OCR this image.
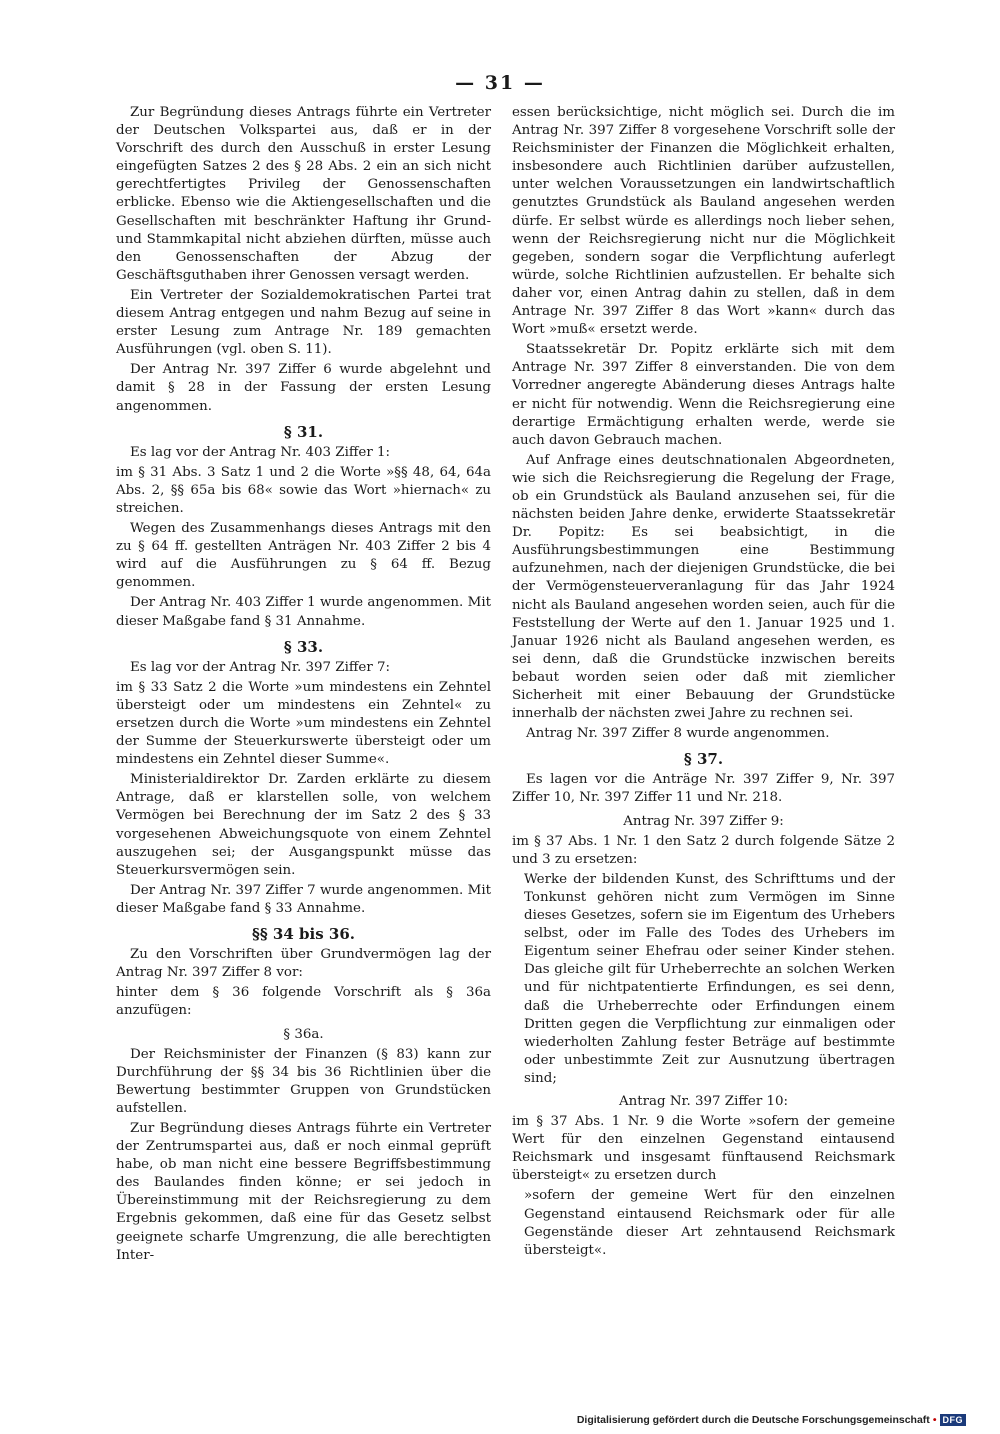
— 31 —

Zur Begründung dieses Antrags führte ein Vertreter der Deutschen Volkspartei aus, daß er in der Vorschrift des durch den Ausschuß in erster Lesung eingefügten Satzes 2 des § 28 Abs. 2 ein an sich nicht gerechtfertigtes Privileg der Genossenschaften erblicke. Ebenso wie die Aktiengesellschaften und die Gesellschaften mit beschränkter Haftung ihr Grund- und Stammkapital nicht abziehen dürften, müsse auch den Genossenschaften der Abzug der Geschäftsguthaben ihrer Genossen versagt werden.

Ein Vertreter der Sozialdemokratischen Partei trat diesem Antrag entgegen und nahm Bezug auf seine in erster Lesung zum Antrage Nr. 189 gemachten Ausführungen (vgl. oben S. 11).

Der Antrag Nr. 397 Ziffer 6 wurde abgelehnt und damit § 28 in der Fassung der ersten Lesung angenommen.

§ 31.

Es lag vor der Antrag Nr. 403 Ziffer 1:

im § 31 Abs. 3 Satz 1 und 2 die Worte »§§ 48, 64, 64a Abs. 2, §§ 65a bis 68« sowie das Wort »hiernach« zu streichen.

Wegen des Zusammenhangs dieses Antrags mit den zu § 64 ff. gestellten Anträgen Nr. 403 Ziffer 2 bis 4 wird auf die Ausführungen zu § 64 ff. Bezug genommen.

Der Antrag Nr. 403 Ziffer 1 wurde angenommen. Mit dieser Maßgabe fand § 31 Annahme.

§ 33.

Es lag vor der Antrag Nr. 397 Ziffer 7:

im § 33 Satz 2 die Worte »um mindestens ein Zehntel übersteigt oder um mindestens ein Zehntel« zu ersetzen durch die Worte »um mindestens ein Zehntel der Summe der Steuerkurswerte übersteigt oder um mindestens ein Zehntel dieser Summe«.

Ministerialdirektor Dr. Zarden erklärte zu diesem Antrage, daß er klarstellen solle, von welchem Vermögen bei Berechnung der im Satz 2 des § 33 vorgesehenen Abweichungsquote von einem Zehntel auszugehen sei; der Ausgangspunkt müsse das Steuerkursvermögen sein.

Der Antrag Nr. 397 Ziffer 7 wurde angenommen. Mit dieser Maßgabe fand § 33 Annahme.

§§ 34 bis 36.

Zu den Vorschriften über Grundvermögen lag der Antrag Nr. 397 Ziffer 8 vor:

hinter dem § 36 folgende Vorschrift als § 36a anzufügen:

§ 36a.

Der Reichsminister der Finanzen (§ 83) kann zur Durchführung der §§ 34 bis 36 Richtlinien über die Bewertung bestimmter Gruppen von Grundstücken aufstellen.

Zur Begründung dieses Antrags führte ein Vertreter der Zentrumspartei aus, daß er noch einmal geprüft habe, ob man nicht eine bessere Begriffsbestimmung des Baulandes finden könne; er sei jedoch in Übereinstimmung mit der Reichsregierung zu dem Ergebnis gekommen, daß eine für das Gesetz selbst geeignete scharfe Umgrenzung, die alle berechtigten Inter-

essen berücksichtige, nicht möglich sei. Durch die im Antrag Nr. 397 Ziffer 8 vorgesehene Vorschrift solle der Reichsminister der Finanzen die Möglichkeit erhalten, insbesondere auch Richtlinien darüber aufzustellen, unter welchen Voraussetzungen ein landwirtschaftlich genutztes Grundstück als Bauland angesehen werden dürfe. Er selbst würde es allerdings noch lieber sehen, wenn der Reichsregierung nicht nur die Möglichkeit gegeben, sondern sogar die Verpflichtung auferlegt würde, solche Richtlinien aufzustellen. Er behalte sich daher vor, einen Antrag dahin zu stellen, daß in dem Antrage Nr. 397 Ziffer 8 das Wort »kann« durch das Wort »muß« ersetzt werde.

Staatssekretär Dr. Popitz erklärte sich mit dem Antrage Nr. 397 Ziffer 8 einverstanden. Die von dem Vorredner angeregte Abänderung dieses Antrags halte er nicht für notwendig. Wenn die Reichsregierung eine derartige Ermächtigung erhalten werde, werde sie auch davon Gebrauch machen.

Auf Anfrage eines deutschnationalen Abgeordneten, wie sich die Reichsregierung die Regelung der Frage, ob ein Grundstück als Bauland anzusehen sei, für die nächsten beiden Jahre denke, erwiderte Staatssekretär Dr. Popitz: Es sei beabsichtigt, in die Ausführungsbestimmungen eine Bestimmung aufzunehmen, nach der diejenigen Grundstücke, die bei der Vermögensteuerveranlagung für das Jahr 1924 nicht als Bauland angesehen worden seien, auch für die Feststellung der Werte auf den 1. Januar 1925 und 1. Januar 1926 nicht als Bauland angesehen werden, es sei denn, daß die Grundstücke inzwischen bereits bebaut worden seien oder daß mit ziemlicher Sicherheit mit einer Bebauung der Grundstücke innerhalb der nächsten zwei Jahre zu rechnen sei.

Antrag Nr. 397 Ziffer 8 wurde angenommen.

§ 37.

Es lagen vor die Anträge Nr. 397 Ziffer 9, Nr. 397 Ziffer 10, Nr. 397 Ziffer 11 und Nr. 218.

Antrag Nr. 397 Ziffer 9:

im § 37 Abs. 1 Nr. 1 den Satz 2 durch folgende Sätze 2 und 3 zu ersetzen:

Werke der bildenden Kunst, des Schrifttums und der Tonkunst gehören nicht zum Vermögen im Sinne dieses Gesetzes, sofern sie im Eigentum des Urhebers selbst, oder im Falle des Todes des Urhebers im Eigentum seiner Ehefrau oder seiner Kinder stehen. Das gleiche gilt für Urheberrechte an solchen Werken und für nichtpatentierte Erfindungen, es sei denn, daß die Urheberrechte oder Erfindungen einem Dritten gegen die Verpflichtung zur einmaligen oder wiederholten Zahlung fester Beträge auf bestimmte oder unbestimmte Zeit zur Ausnutzung übertragen sind;

Antrag Nr. 397 Ziffer 10:

im § 37 Abs. 1 Nr. 9 die Worte »sofern der gemeine Wert für den einzelnen Gegenstand eintausend Reichsmark und insgesamt fünftausend Reichsmark übersteigt« zu ersetzen durch

»sofern der gemeine Wert für den einzelnen Gegenstand eintausend Reichsmark oder für alle Gegenstände dieser Art zehntausend Reichsmark übersteigt«.

Digitalisierung gefördert durch die Deutsche Forschungsgemeinschaft • DFG
